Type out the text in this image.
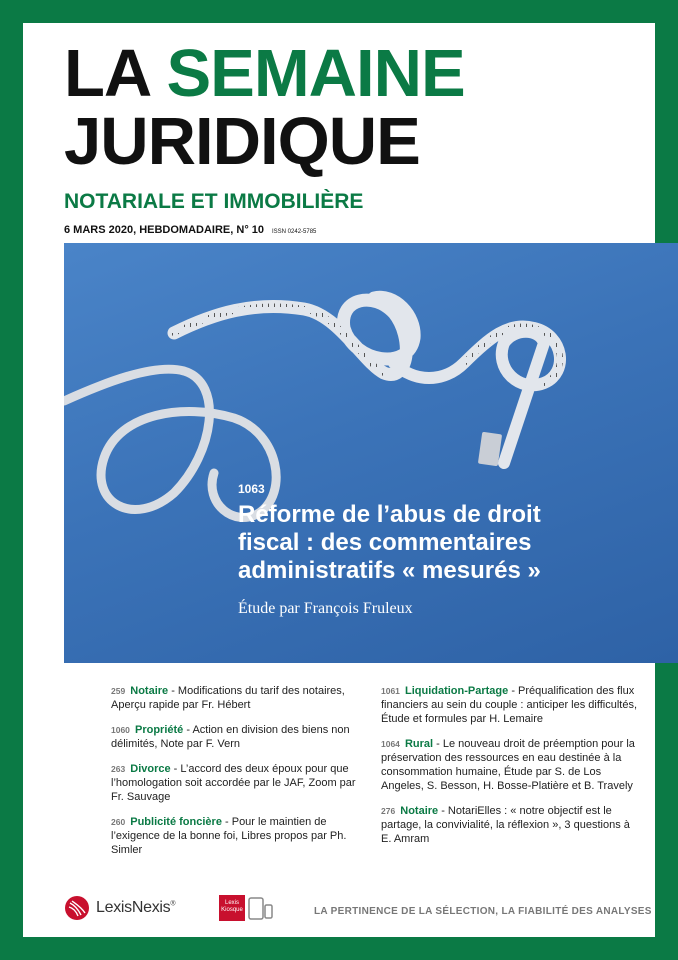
LA SEMAINE
JURIDIQUE
NOTARIALE ET IMMOBILIÈRE
6 MARS 2020, HEBDOMADAIRE, N° 10 ISSN 0242-5785
1063
Réforme de l’abus de droit
fiscal : des commentaires
administratifs « mesurés »
Étude par François Fruleux
259 Notaire - Modifications du tarif des notaires, Aperçu rapide par Fr. Hébert
1060 Propriété - Action en division des biens non délimités, Note par F. Vern
263 Divorce - L’accord des deux époux pour que l’homologation soit accordée par le JAF, Zoom par Fr. Sauvage
260 Publicité foncière - Pour le maintien de l’exigence de la bonne foi, Libres propos par Ph. Simler
1061 Liquidation-Partage - Préqualification des flux financiers au sein du couple : anticiper les difficultés, Étude et formules par H. Lemaire
1064 Rural - Le nouveau droit de préemption pour la préservation des ressources en eau destinée à la consommation humaine, Étude par S. de Los Angeles, S. Besson, H. Bosse-Platière et B. Travely
276 Notaire - NotariElles : « notre objectif est le partage, la convivialité, la réflexion », 3 questions à E. Amram
LexisNexis®	Lexis
Kiosque	LA PERTINENCE DE LA SÉLECTION, LA FIABILITÉ DES ANALYSES
